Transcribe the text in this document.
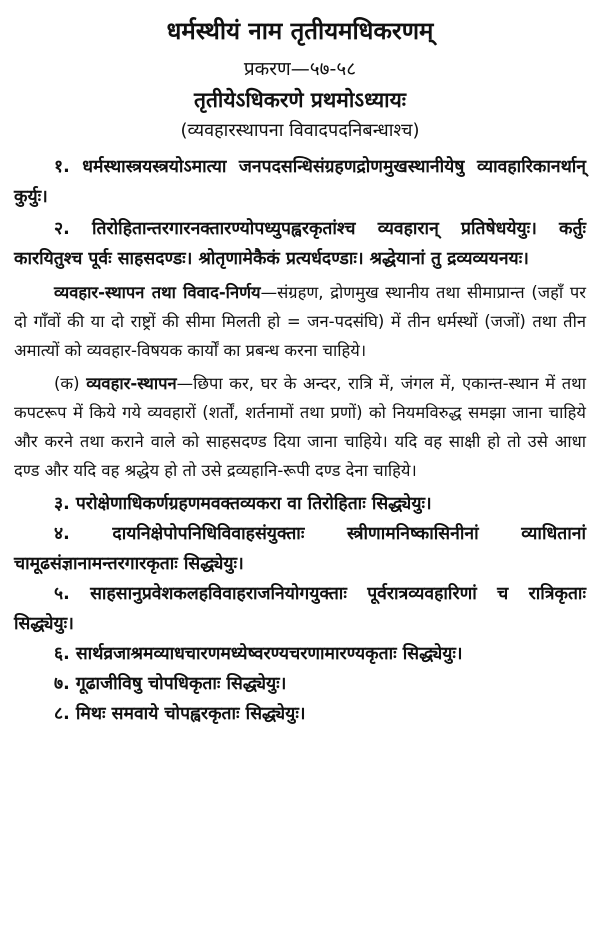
धर्मस्थीयं नाम तृतीयमधिकरणम्
प्रकरण—५७-५८
तृतीयेऽधिकरणे प्रथमोऽध्यायः
(व्यवहारस्थापना विवादपदनिबन्धाश्च)
१. धर्मस्थास्त्रयस्त्रयोऽमात्या जनपदसन्धिसंग्रहणद्रोणमुखस्थानीयेषु व्यावहारिकानर्थान् कुर्युः।
२. तिरोहितान्तरगारनक्तारण्योपध्युपह्वरकृतांश्च व्यवहारान् प्रतिषेधयेयुः। कर्तुः कारयितुश्च पूर्वः साहसदण्डः। श्रोतृणामेकैकं प्रत्यर्धदण्डाः। श्रद्धेयानां तु द्रव्यव्ययनयः।
व्यवहार-स्थापन तथा विवाद-निर्णय—संग्रहण, द्रोणमुख स्थानीय तथा सीमाप्रान्त (जहाँ पर दो गाँवों की या दो राष्ट्रों की सीमा मिलती हो = जन-पदसंघि) में तीन धर्मस्थों (जजों) तथा तीन अमात्यों को व्यवहार-विषयक कार्यों का प्रबन्ध करना चाहिये।
(क) व्यवहार-स्थापन—छिपा कर, घर के अन्दर, रात्रि में, जंगल में, एकान्त-स्थान में तथा कपटरूप में किये गये व्यवहारों (शर्तों, शर्तनामों तथा प्रणों) को नियमविरुद्ध समझा जाना चाहिये और करने तथा कराने वाले को साहसदण्ड दिया जाना चाहिये। यदि वह साक्षी हो तो उसे आधा दण्ड और यदि वह श्रद्धेय हो तो उसे द्रव्यहानि-रूपी दण्ड देना चाहिये।
३. परोक्षेणाधिकर्णग्रहणमवक्तव्यकरा वा तिरोहिताः सिद्ध्येयुः।
४. दायनिक्षेपोपनिधिविवाहसंयुक्ताः स्त्रीणामनिष्कासिनीनां व्याधितानां चामूढसंज्ञानामन्तरगारकृताः सिद्ध्येयुः।
५. साहसानुप्रवेशकलहविवाहराजनियोगयुक्ताः पूर्वरात्रव्यवहारिणां च रात्रिकृताः सिद्ध्येयुः।
६. सार्थव्रजाश्रमव्याधचारणमध्येष्वरण्यचरणामारण्यकृताः सिद्ध्येयुः।
७. गूढाजीविषु चोपधिकृताः सिद्ध्येयुः।
८. मिथः समवाये चोपह्वरकृताः सिद्ध्येयुः।
